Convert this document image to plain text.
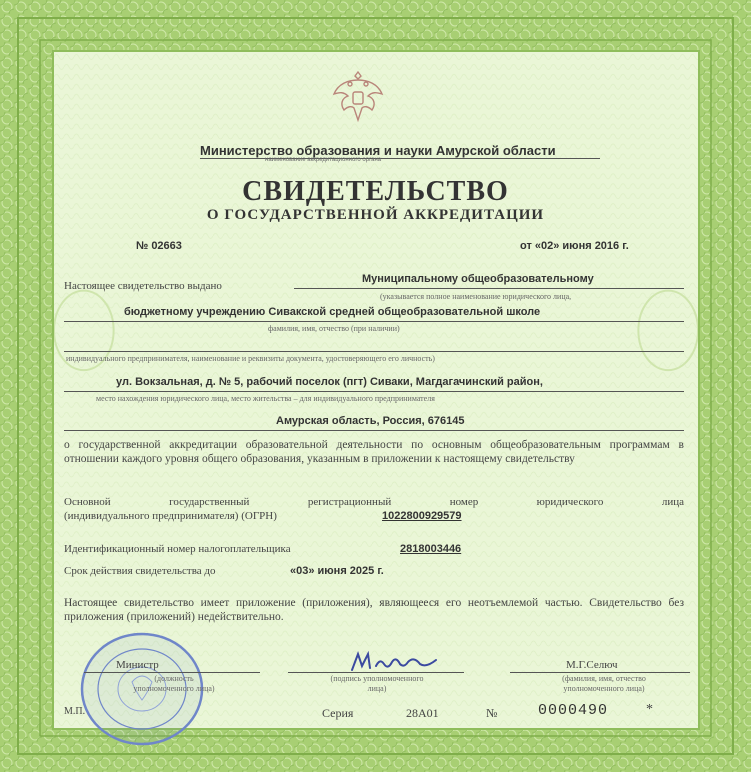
Министерство образования и науки Амурской области
наименование аккредитационного органа
СВИДЕТЕЛЬСТВО
О ГОСУДАРСТВЕННОЙ АККРЕДИТАЦИИ
№ 02663	от «02» июня 2016 г.
Настоящее свидетельство выдано
Муниципальному общеобразовательному
(указывается полное наименование юридического лица,
бюджетному учреждению Сивакской средней общеобразовательной школе
фамилия, имя, отчество (при наличии)
индивидуального предпринимателя, наименование и реквизиты документа, удостоверяющего его личность)
ул. Вокзальная, д. № 5, рабочий поселок (пгт) Сиваки, Магдагачинский район,
место нахождения юридического лица, место жительства – для индивидуального предпринимателя
Амурская область, Россия, 676145
о государственной аккредитации образовательной деятельности по основным общеобразовательным программам в отношении каждого уровня общего образования, указанным в приложении к настоящему свидетельству
Основной государственный регистрационный номер юридического лица
(индивидуального предпринимателя) (ОГРН)	1022800929579
Идентификационный номер налогоплательщика	2818003446
Срок действия свидетельства до	«03» июня 2025 г.
Настоящее свидетельство имеет приложение (приложения), являющееся его неотъемлемой частью. Свидетельство без приложения (приложений) недействительно.
Министр
(должность уполномоченного лица)
(подпись уполномоченного лица)
М.Г.Селюч
(фамилия, имя, отчество уполномоченного лица)
М.П.	Серия	28А01	№	0000490	*
